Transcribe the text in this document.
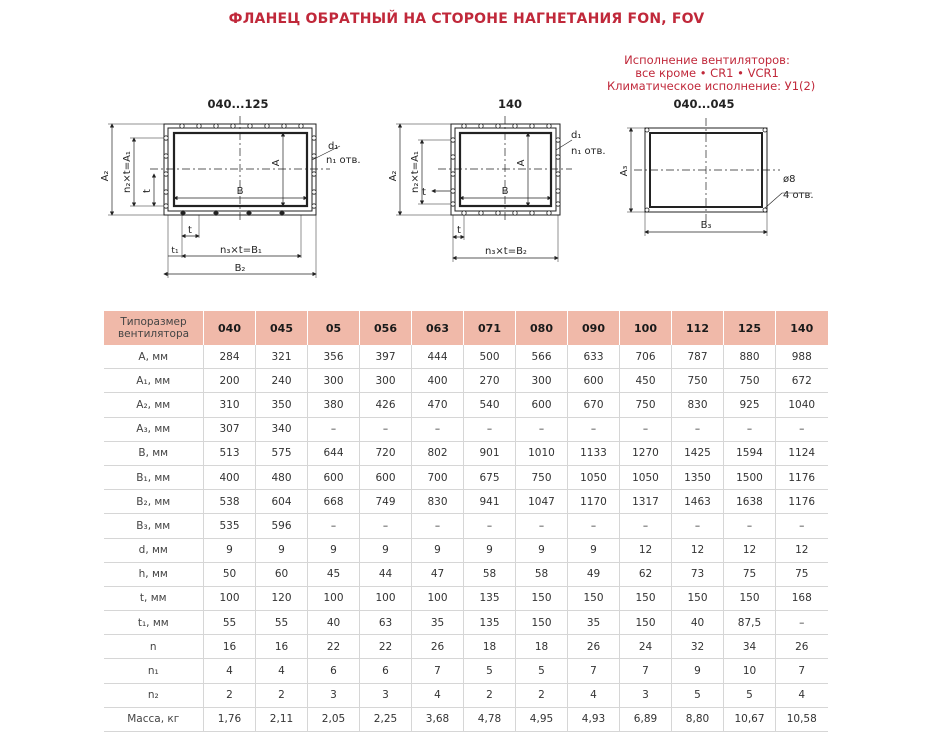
ФЛАНЕЦ ОБРАТНЫЙ НА СТОРОНЕ НАГНЕТАНИЯ FON, FOV
Исполнение вентиляторов:
все кроме • CR1 • VCR1
Климатическое исполнение: У1(2)
040...125
A₂ n₂×t=A₁ t	B
A
d₁
n₁ отв.
t₁
t
n₃×t=B₁
B₂
140
A₂ n₂×t=A₁ t	B
A
d₁
n₁ отв.
t
n₃×t=B₂
040...045
A₃
ø8
4 отв.
B₃
Типоразмер
вентилятора	040	045	05	056	063	071	080	090	100	112	125	140
A, мм	284	321	356	397	444	500	566	633	706	787	880	988
A₁, мм	200	240	300	300	400	270	300	600	450	750	750	672
A₂, мм	310	350	380	426	470	540	600	670	750	830	925	1040
A₃, мм	307	340	–	–	–	–	–	–	–	–	–	–
B, мм	513	575	644	720	802	901	1010	1133	1270	1425	1594	1124
B₁, мм	400	480	600	600	700	675	750	1050	1050	1350	1500	1176
B₂, мм	538	604	668	749	830	941	1047	1170	1317	1463	1638	1176
B₃, мм	535	596	–	–	–	–	–	–	–	–	–	–
d, мм	9	9	9	9	9	9	9	9	12	12	12	12
h, мм	50	60	45	44	47	58	58	49	62	73	75	75
t, мм	100	120	100	100	100	135	150	150	150	150	150	168
t₁, мм	55	55	40	63	35	135	150	35	150	40	87,5	–
n	16	16	22	22	26	18	18	26	24	32	34	26
n₁	4	4	6	6	7	5	5	7	7	9	10	7
n₂	2	2	3	3	4	2	2	4	3	5	5	4
Масса, кг	1,76	2,11	2,05	2,25	3,68	4,78	4,95	4,93	6,89	8,80	10,67	10,58
